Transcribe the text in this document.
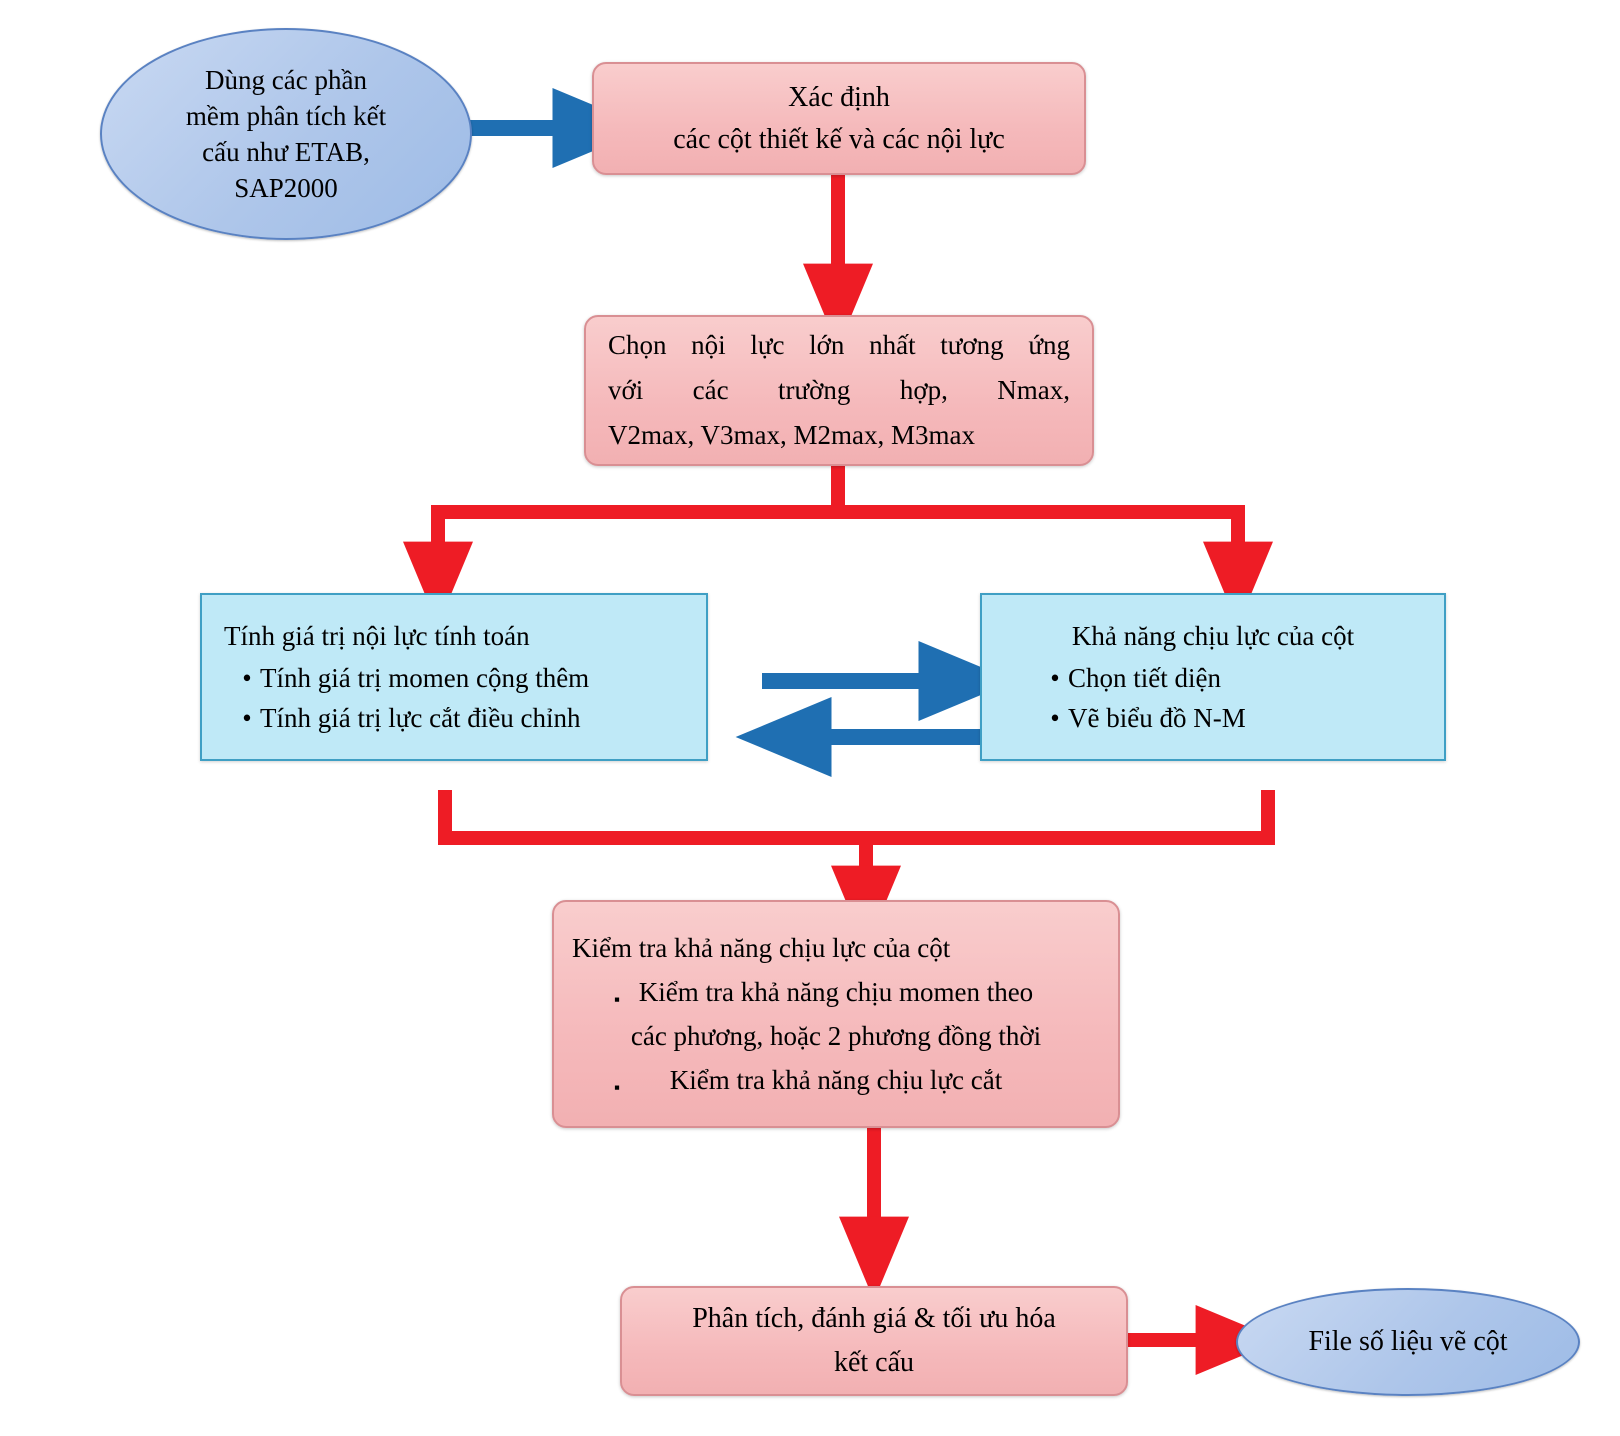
Dùng các phần
mềm phân tích kết
cấu như ETAB,
SAP2000
Xác định
các cột thiết kế và các nội lực
Chọn nội lực lớn nhất tương ứng
với các trường hợp, Nmax,
V2max, V3max, M2max, M3max
Tính giá trị nội lực tính toán
• Tính giá trị momen cộng thêm
• Tính giá trị lực cắt điều chỉnh
Khả năng chịu lực của cột
• Chọn tiết diện
• Vẽ biểu đồ N-M
Kiểm tra khả năng chịu lực của cột
Kiểm tra khả năng chịu momen theo
các phương, hoặc 2 phương đồng thời
Kiểm tra khả năng chịu lực cắt
▪
▪
Phân tích, đánh giá & tối ưu hóa
kết cấu
File số liệu vẽ cột
